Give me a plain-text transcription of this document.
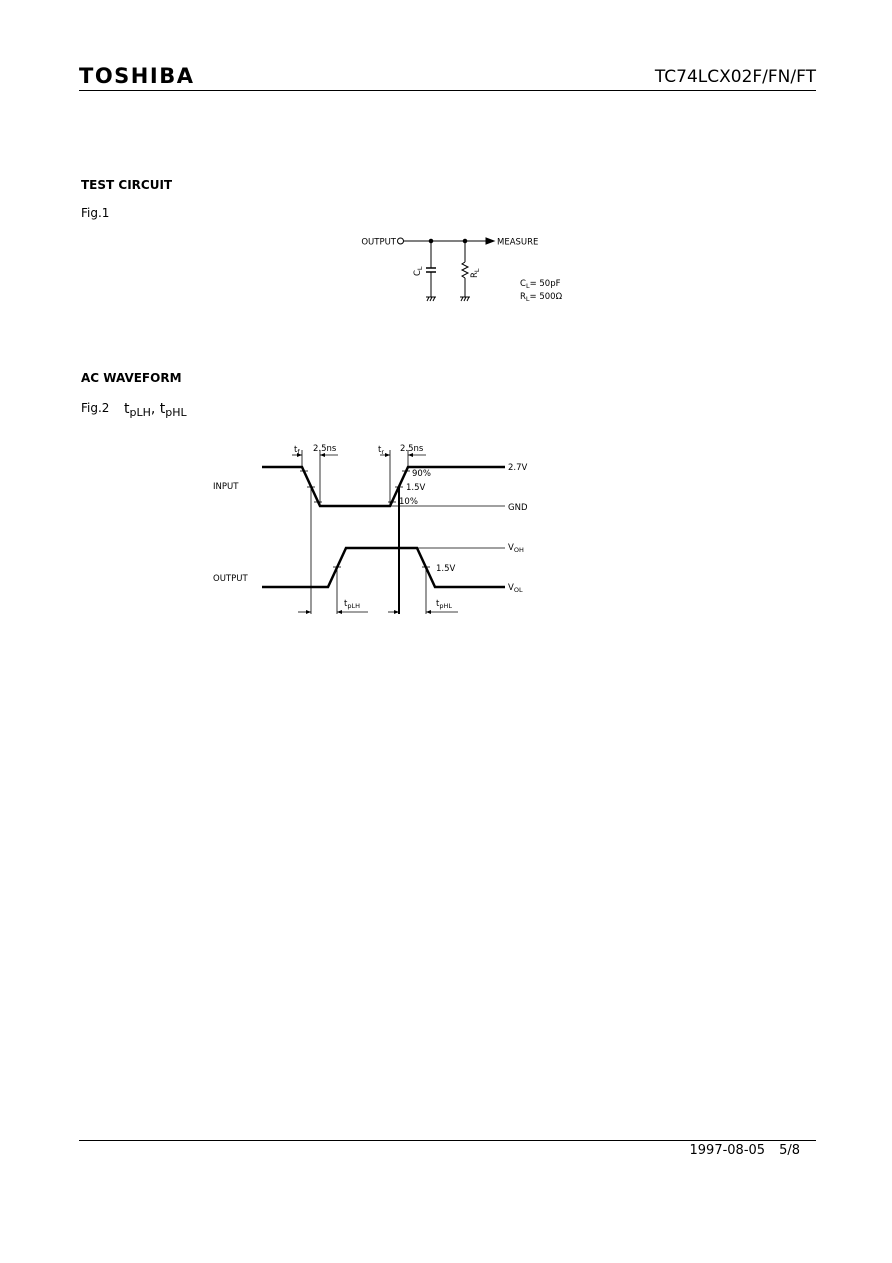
TOSHIBA	TC74LCX02F/FN/FT
TEST CIRCUIT
Fig.1
OUTPUT	MEASURE
$C_L$
$R_L$
$C_L= 50pF$
$R_L= 500\Omega$
AC WAVEFORM
Fig.2 $t_{pLH}$, $t_{pHL}$
$t_f$ 2.5ns	$t_r$ 2.5ns
INPUT
OUTPUT
90%
1.5V
10%
1.5V
2.7V
GND
$V_{OH}$
$V_{OL}$
$t_{pLH}$	$t_{pHL}$
1997-08-05 5/8
